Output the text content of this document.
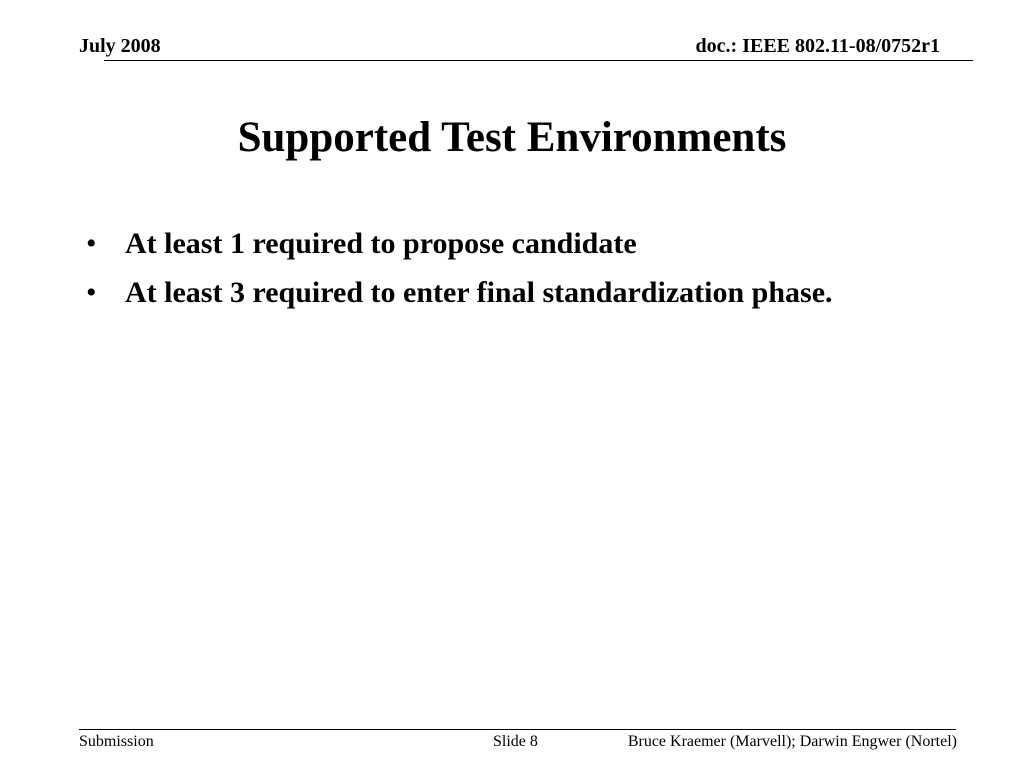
July 2008	doc.: IEEE 802.11-08/0752r1
Supported Test Environments
• At least 1 required to propose candidate
• At least 3 required to enter final standardization phase.
Submission	Slide 8	Bruce Kraemer (Marvell); Darwin Engwer (Nortel)
